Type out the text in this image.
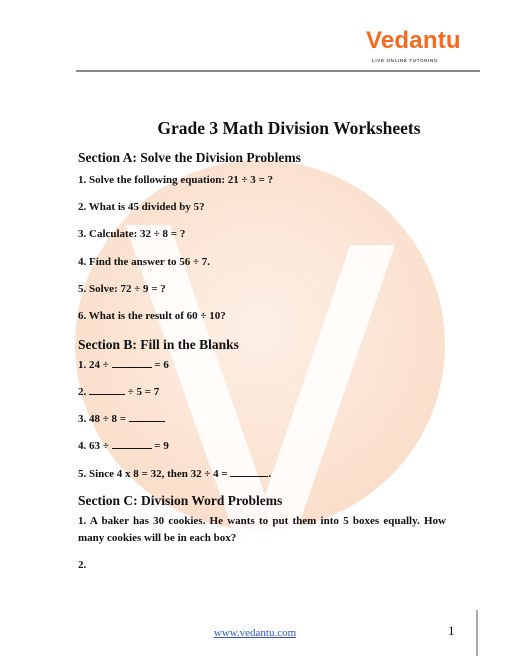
Vedantu
LIVE ONLINE TUTORING
Grade 3 Math Division Worksheets
Section A: Solve the Division Problems
1. Solve the following equation: 21 ÷ 3 = ?
2. What is 45 divided by 5?
3. Calculate: 32 ÷ 8 = ?
4. Find the answer to 56 ÷ 7.
5. Solve: 72 ÷ 9 = ?
6. What is the result of 60 ÷ 10?
Section B: Fill in the Blanks
1. 24 ÷	= 6
2.	÷ 5 = 7
3. 48 ÷ 8 =
4. 63 ÷	= 9
5. Since 4 x 8 = 32, then 32 ÷ 4 =	.
Section C: Division Word Problems
1. A baker has 30 cookies. He wants to put them into 5 boxes equally. How many cookies will be in each box?
2.
www.vedantu.com	1
